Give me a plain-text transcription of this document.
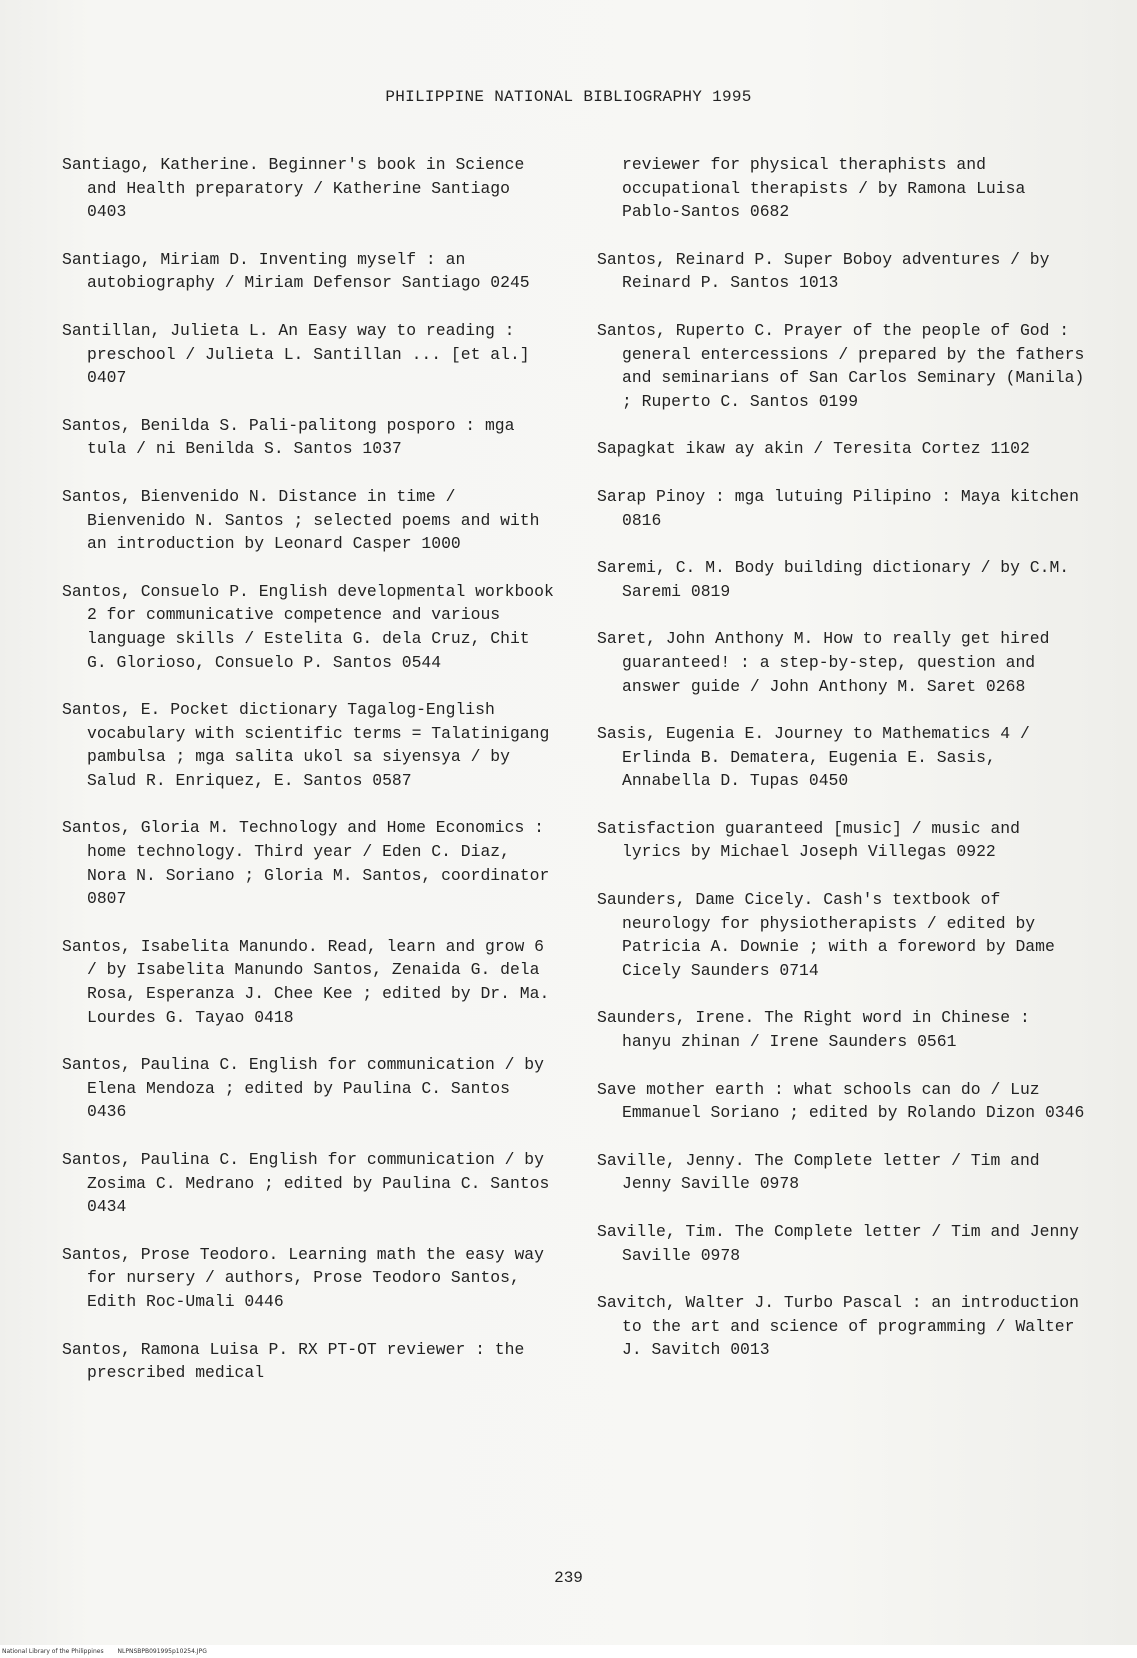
PHILIPPINE NATIONAL BIBLIOGRAPHY 1995
Santiago, Katherine. Beginner's book in Science and Health preparatory / Katherine Santiago 0403
Santiago, Miriam D. Inventing myself : an autobiography / Miriam Defensor Santiago 0245
Santillan, Julieta L. An Easy way to reading : preschool / Julieta L. Santillan ... [et al.] 0407
Santos, Benilda S. Pali-palitong posporo : mga tula / ni Benilda S. Santos 1037
Santos, Bienvenido N. Distance in time / Bienvenido N. Santos ; selected poems and with an introduction by Leonard Casper 1000
Santos, Consuelo P. English developmental workbook 2 for communicative competence and various language skills / Estelita G. dela Cruz, Chit G. Glorioso, Consuelo P. Santos 0544
Santos, E. Pocket dictionary Tagalog-English vocabulary with scientific terms = Talatinigang pambulsa ; mga salita ukol sa siyensya / by Salud R. Enriquez, E. Santos 0587
Santos, Gloria M. Technology and Home Economics : home technology. Third year / Eden C. Diaz, Nora N. Soriano ; Gloria M. Santos, coordinator 0807
Santos, Isabelita Manundo. Read, learn and grow 6 / by Isabelita Manundo Santos, Zenaida G. dela Rosa, Esperanza J. Chee Kee ; edited by Dr. Ma. Lourdes G. Tayao 0418
Santos, Paulina C. English for communication / by Elena Mendoza ; edited by Paulina C. Santos 0436
Santos, Paulina C. English for communication / by Zosima C. Medrano ; edited by Paulina C. Santos 0434
Santos, Prose Teodoro. Learning math the easy way for nursery / authors, Prose Teodoro Santos, Edith Roc-Umali 0446
Santos, Ramona Luisa P. RX PT-OT reviewer : the prescribed medical
reviewer for physical theraphists and occupational therapists / by Ramona Luisa Pablo-Santos 0682
Santos, Reinard P. Super Boboy adventures / by Reinard P. Santos 1013
Santos, Ruperto C. Prayer of the people of God : general entercessions / prepared by the fathers and seminarians of San Carlos Seminary (Manila) ; Ruperto C. Santos 0199
Sapagkat ikaw ay akin / Teresita Cortez 1102
Sarap Pinoy : mga lutuing Pilipino : Maya kitchen 0816
Saremi, C. M. Body building dictionary / by C.M. Saremi 0819
Saret, John Anthony M. How to really get hired guaranteed! : a step-by-step, question and answer guide / John Anthony M. Saret 0268
Sasis, Eugenia E. Journey to Mathematics 4 / Erlinda B. Dematera, Eugenia E. Sasis, Annabella D. Tupas 0450
Satisfaction guaranteed [music] / music and lyrics by Michael Joseph Villegas 0922
Saunders, Dame Cicely. Cash's textbook of neurology for physiotherapists / edited by Patricia A. Downie ; with a foreword by Dame Cicely Saunders 0714
Saunders, Irene. The Right word in Chinese : hanyu zhinan / Irene Saunders 0561
Save mother earth : what schools can do / Luz Emmanuel Soriano ; edited by Rolando Dizon 0346
Saville, Jenny. The Complete letter / Tim and Jenny Saville 0978
Saville, Tim. The Complete letter / Tim and Jenny Saville 0978
Savitch, Walter J. Turbo Pascal : an introduction to the art and science of programming / Walter J. Savitch 0013
239
National Library of the Philippines NLPNSBPB091995p10254.JPG
